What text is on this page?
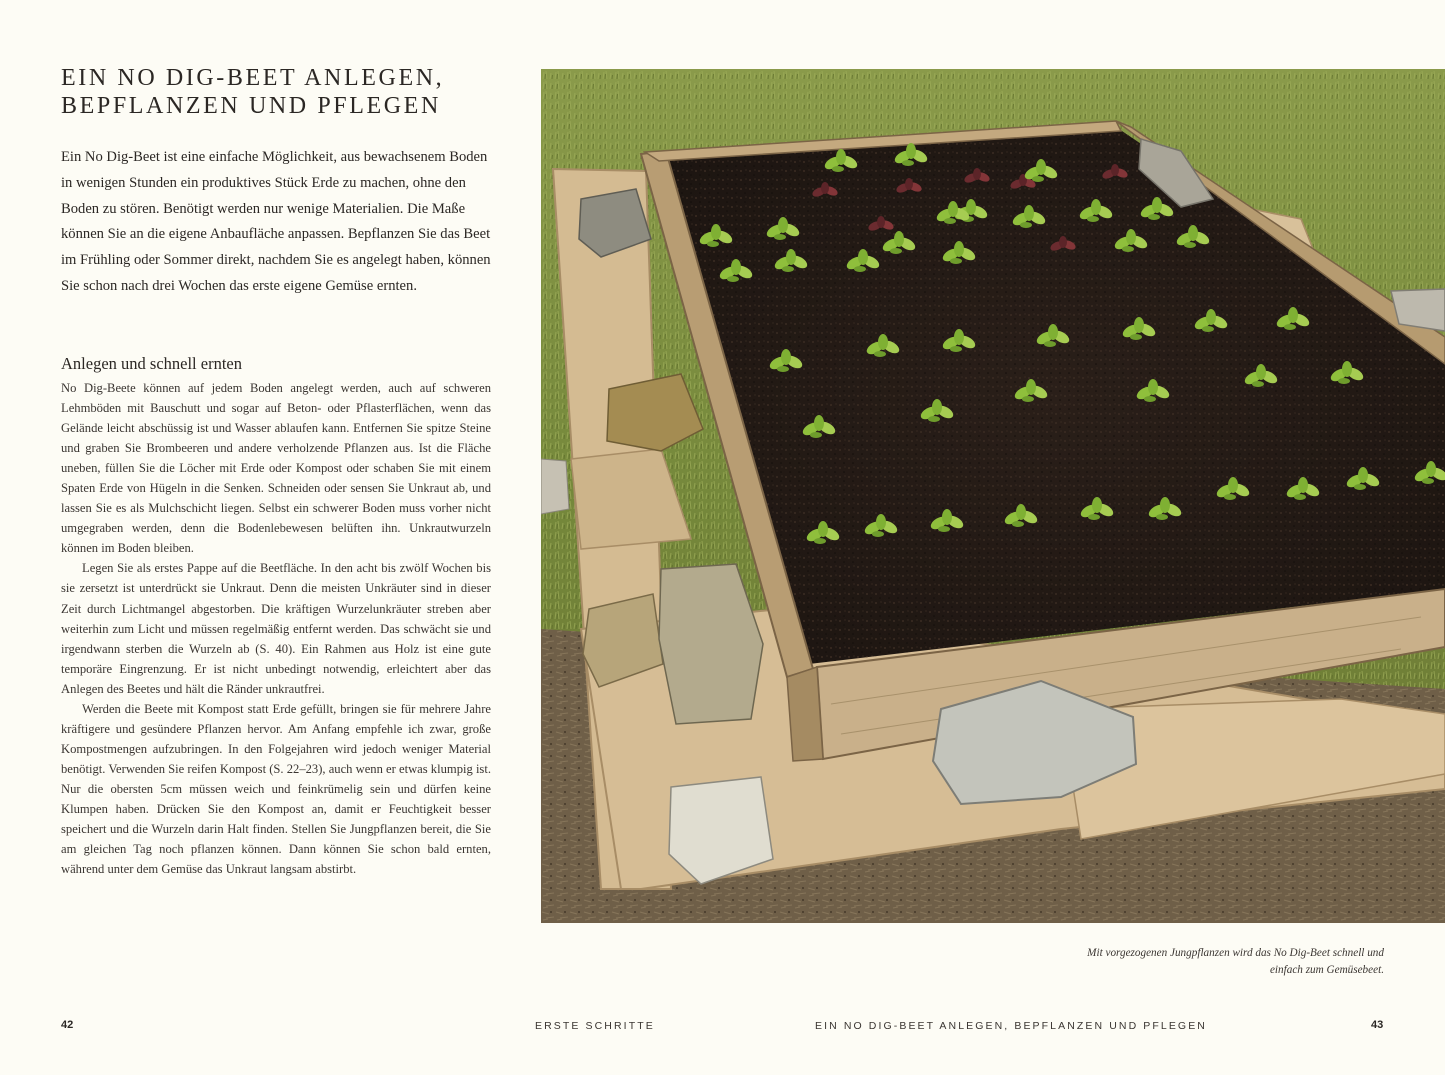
EIN NO DIG-BEET ANLEGEN, BEPFLANZEN UND PFLEGEN

Ein No Dig-Beet ist eine einfache Möglichkeit, aus bewachsenem Boden in wenigen Stunden ein produktives Stück Erde zu machen, ohne den Boden zu stören. Benötigt werden nur wenige Materialien. Die Maße können Sie an die eigene Anbaufläche anpassen. Bepflanzen Sie das Beet im Frühling oder Sommer direkt, nachdem Sie es angelegt haben, können Sie schon nach drei Wochen das erste eigene Gemüse ernten.

Anlegen und schnell ernten

No Dig-Beete können auf jedem Boden angelegt werden, auch auf schweren Lehmböden mit Bauschutt und sogar auf Beton- oder Pflasterflächen, wenn das Gelände leicht abschüssig ist und Wasser ablaufen kann. Entfernen Sie spitze Steine und graben Sie Brombeeren und andere verholzende Pflanzen aus. Ist die Fläche uneben, füllen Sie die Löcher mit Erde oder Kompost oder schaben Sie mit einem Spaten Erde von Hügeln in die Senken. Schneiden oder sensen Sie Unkraut ab, und lassen Sie es als Mulchschicht liegen. Selbst ein schwerer Boden muss vorher nicht umgegraben werden, denn die Bodenlebewesen belüften ihn. Unkrautwurzeln können im Boden bleiben.

Legen Sie als erstes Pappe auf die Beetfläche. In den acht bis zwölf Wochen bis sie zersetzt ist unterdrückt sie Unkraut. Denn die meisten Unkräuter sind in dieser Zeit durch Lichtmangel abgestorben. Die kräftigen Wurzelunkräuter streben aber weiterhin zum Licht und müssen regelmäßig entfernt werden. Das schwächt sie und irgendwann sterben die Wurzeln ab (S. 40). Ein Rahmen aus Holz ist eine gute temporäre Eingrenzung. Er ist nicht unbedingt notwendig, erleichtert aber das Anlegen des Beetes und hält die Ränder unkrautfrei.

Werden die Beete mit Kompost statt Erde gefüllt, bringen sie für mehrere Jahre kräftigere und gesündere Pflanzen hervor. Am Anfang empfehle ich zwar, große Kompostmengen aufzubringen. In den Folgejahren wird jedoch weniger Material benötigt. Verwenden Sie reifen Kompost (S. 22–23), auch wenn er etwas klumpig ist. Nur die obersten 5cm müssen weich und feinkrümelig sein und dürfen keine Klumpen haben. Drücken Sie den Kompost an, damit er Feuchtigkeit besser speichert und die Wurzeln darin Halt finden. Stellen Sie Jungpflanzen bereit, die Sie am gleichen Tag noch pflanzen können. Dann können Sie schon bald ernten, während unter dem Gemüse das Unkraut langsam abstirbt.

Mit vorgezogenen Jungpflanzen wird das No Dig-Beet schnell und einfach zum Gemüsebeet.

42	ERSTE SCHRITTE	EIN NO DIG-BEET ANLEGEN, BEPFLANZEN UND PFLEGEN	43
